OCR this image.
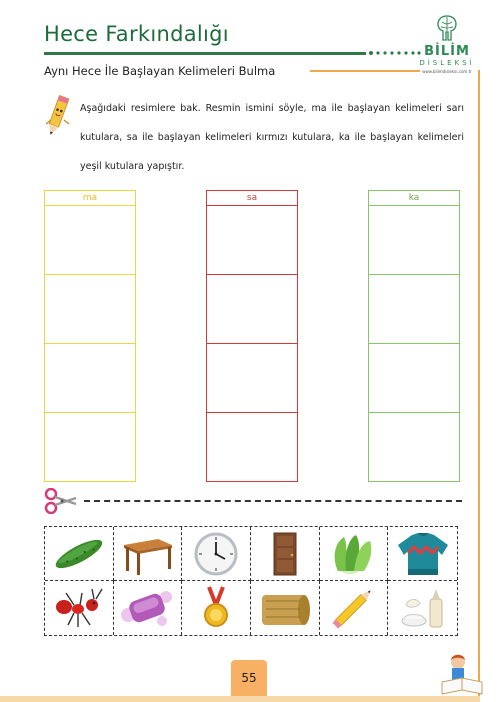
Hece Farkındalığı
Aynı Hece İle Başlayan Kelimeleri Bulma
BİLİM
DİSLEKSİ
www.bilimdisleksi.com.tr
Aşağıdaki resimlere bak. Resmin ismini söyle, ma ile başlayan kelimeleri sarı kutulara, sa ile başlayan kelimeleri kırmızı kutulara, ka ile başlayan kelimeleri yeşil kutulara yapıştır.
ma	sa	ka
55
